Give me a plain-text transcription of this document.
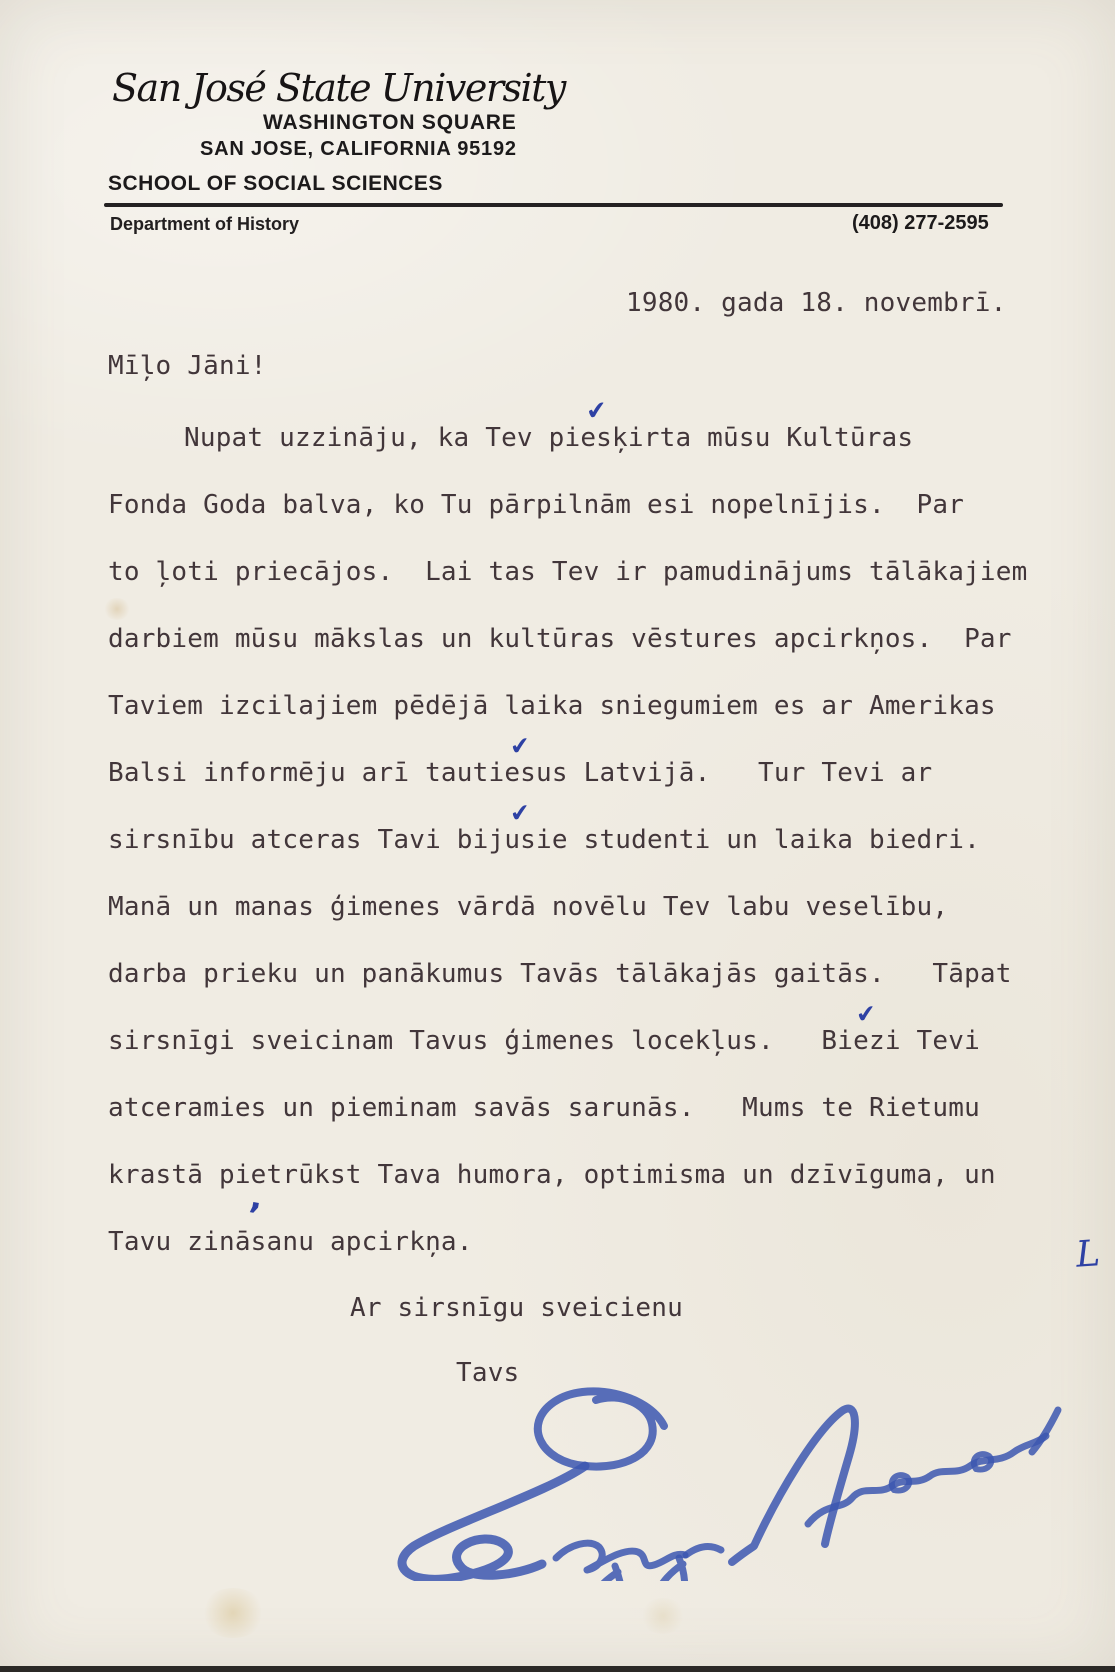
San José State University
WASHINGTON SQUARE
SAN JOSE, CALIFORNIA 95192
SCHOOL OF SOCIAL SCIENCES
Department of History	(408) 277-2595
1980. gada 18. novembrī.
Mīļo Jāni!
Nupat uzzināju, ka Tev piesķirta mūsu Kultūras
Fonda Goda balva, ko Tu pārpilnām esi nopelnījis.  Par
to ļoti priecājos.  Lai tas Tev ir pamudinājums tālākajiem
darbiem mūsu mākslas un kultūras vēstures apcirkņos.  Par
Taviem izcilajiem pēdējā laika sniegumiem es ar Amerikas
Balsi informēju arī tautiesus Latvijā.   Tur Tevi ar
sirsnību atceras Tavi bijusie studenti un laika biedri.
Manā un manas ģimenes vārdā novēlu Tev labu veselību,
darba prieku un panākumus Tavās tālākajās gaitās.   Tāpat
sirsnīgi sveicinam Tavus ģimenes locekļus.   Biezi Tevi
atceramies un pieminam savās sarunās.   Mums te Rietumu
krastā pietrūkst Tava humora, optimisma un dzīvīguma, un
Tavu zināsanu apcirkņa.
Ar sirsnīgu sveicienu
Tavs
✔
✔
✔
✔
’
L
